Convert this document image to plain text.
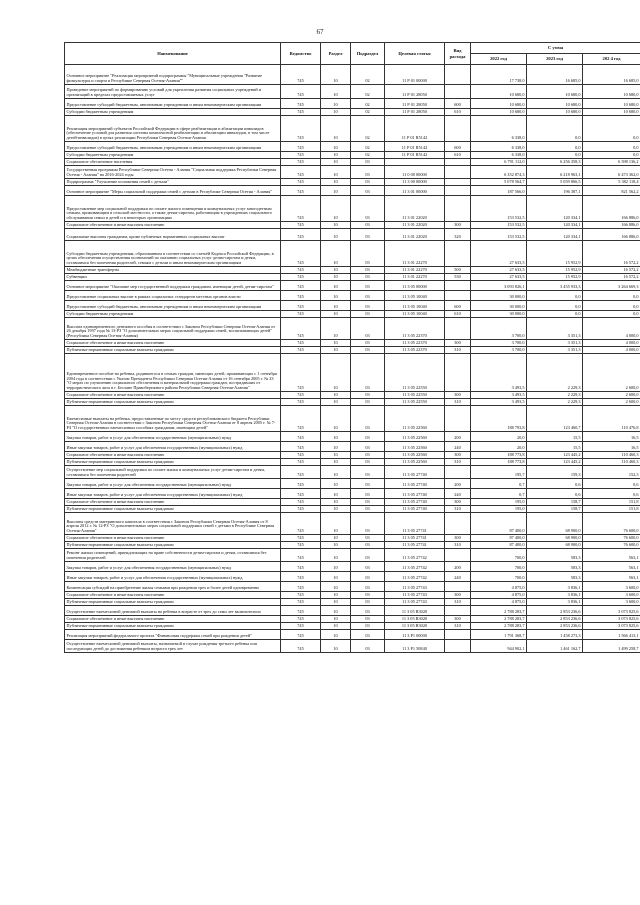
67
Наименование	Ведомство	Раздел	Подраздел	Целевая статья	Вид расхода	С умма		
						2022 год	2023 год	202 4 год
Основное мероприятие "Реализация мероприятий подпрограммы "Муниципальные учреждения "Развитие физкультуры и спорта в Республике Северная Осетия-Алания""	745	10	02	11 Р 01 00000		17 738,0	16 685,0	16 685,0
Проведение мероприятий по формированию условий для укрепления развития социальных учреждений и организаций в пределах предоставляемых услуг	745	10	02	11 Р 01 28050		10 680,0	10 680,0	10 680,0
Предоставление субсидий бюджетным, автономным учреждениям и иным некоммерческим организациям	745	10	02	11 Р 01 28050	600	10 680,0	10 680,0	10 680,0
Субсидии бюджетным учреждениям	745	10	02	11 Р 01 28050	610	10 680,0	10 680,0	10 680,0
Реализация мероприятий субъектов Российской Федерации в сфере реабилитации и абилитации инвалидов (обеспечение условий для развития системы комплексной реабилитации и абилитации инвалидов, в том числе детей-инвалидов) в целях реализации Республики Северная Осетия-Алания	745	10	02	11 Р 01 R5142		6 338,0	0,0	0,0
Предоставление субсидий бюджетным, автономным учреждениям и иным некоммерческим организациям	745	10	02	11 Р 01 R5142	600	6 338,0	0,0	0,0
Субсидии бюджетным учреждениям	745	10	02	11 Р 01 R5142	610	6 338,0	0,0	0,0
Социальное обеспечение населения	745	10	03			6 791 112,0	6 256 358,3	6 398 136,2
Государственная программа Республики Северная Осетия - Алания "Социальная поддержка Республики Северная Осетия - Алания" на 2016-2024 годы	745	10	03	11 0 00 00000		6 352 874,3	6 218 963,1	6 473 362,0
Подпрограмма "Улучшение положения семей с детьми"	745	10	03	11 3 00 00000		5 078 564,7	5 059 866,5	5 382 118,4
Основное мероприятие "Меры социальной поддержки семей с детьми в Республике Северная Осетия - Алания"	745	10	03	11 3 01 00000		187 566,0	196 387,1	821 562,2
Предоставление мер социальной поддержки по оплате жилого помещения и коммунальных услуг многодетным семьям, проживающим в сельской местности, а также детям-сиротам, работающим в учреждениях социального обслуживания семьи и детей и в некоторых организациях	745	10	03	11 3 01 22020		153 532,5	120 334,1	166 886,0
Социальное обеспечение и иные выплаты населению	745	10	03	11 3 01 22020	300	153 532,5	120 334,1	166 886,0
Социальные выплаты гражданам, кроме публичных нормативных социальных выплат	745	10	03	11 3 01 22020	320	153 532,5	120 334,1	166 886,0
Субсидии бюджетным учреждениям, образованным в соответствии со статьёй Кодекса Российской Федерации, в целях обеспечения осуществления полномочий по оказанию социальных услуг детям-сиротам и детям, оставшимся без попечения родителей, семьям с детьми и иным некоммерческим организациям	745	10	03	11 3 01 22270		27 633,5	15 952,9	16 572,2
Межбюджетные трансферты	745	10	03	11 3 01 22270	500	27 633,5	15 952,9	16 572,2
Субвенции	745	10	03	11 3 01 22270	530	27 633,5	15 952,9	16 572,2
Основное мероприятие "Оказание мер государственной поддержки гражданам, имеющим детей, детям-сиротам"	745	10	03	11 3 05 00000		3 093 826,1	3 455 933,3	3 264 669,3
Предоставление социальных выплат в рамках социальных стандартов местных органов власти	745	10	03	11 3 05 10040		30 000,0	0,0	0,0
Предоставление субсидий бюджетным, автономным учреждениям и иным некоммерческим организациям	745	10	03	11 3 05 10040	600	30 000,0	0,0	0,0
Субсидии бюджетным учреждениям	745	10	03	11 3 05 10040	610	30 000,0	0,0	0,0
Выплата единовременного денежного пособия в соответствии с Законом Республики Северная Осетия-Алания от 26 декабря 1997 года № 13-РЗ "О дополнительных мерах социальной поддержки семей, воспитывающих детей" (Республика Северная Осетия-Алания)	745	10	03	11 3 05 22370		3 700,0	3 351,3	4 000,0
Социальное обеспечение и иные выплаты населению	745	10	03	11 3 05 22370	300	3 700,0	3 351,3	4 000,0
Публичные нормативные социальные выплаты гражданам	745	10	03	11 3 05 22370	310	3 700,0	3 351,3	4 000,0
Единовременное пособие на ребенка, родившегося в семьях граждан, имеющих детей, проживающих с 1 сентября 2004 года в соответствии с Указом Президента Республики Северная Осетия-Алания от 16 сентября 2005 г. № 23 "О мерах по улучшению социального обеспечения и материальной поддержки граждан, пострадавших от террористического акта в г. Беслане Правобережного района Республики Северная Осетия-Алания"	745	10	03	11 3 05 22550		3 493,5	2 229,3	2 600,0
Социальное обеспечение и иные выплаты населению	745	10	03	11 3 05 22550	300	3 493,5	2 229,3	2 600,0
Публичные нормативные социальные выплаты гражданам	745	10	03	11 3 05 22550	310	3 493,5	2 229,3	2 600,0
Ежемесячные выплаты на ребенка, предоставленные по месту средств республиканского бюджета Республики Северная Осетия-Алания в соответствии с Законом Республики Северная Осетия-Алания от 8 апреля 2005 г. № 7-РЗ "О государственных ежемесячных пособиях гражданам, имеющим детей"	745	10	03	11 3 05 22560		188 793,8	123 460,7	110 476,8
Закупка товаров, работ и услуг для обеспечения государственных (муниципальных) нужд	745	10	03	11 3 05 22560	200	20,0	15,5	16,5
Иные закупки товаров, работ и услуг для обеспечения государственных (муниципальных) нужд	745	10	03	11 3 05 22560	240	20,0	15,5	16,5
Социальное обеспечение и иные выплаты населению	745	10	03	11 3 05 22560	300	188 773,8	123 445,2	110 460,3
Публичные нормативные социальные выплаты гражданам	745	10	03	11 3 05 22560	310	188 773,8	123 445,2	110 460,3
Осуществление мер социальной поддержки по оплате жилья и коммунальных услуг детям-сиротам и детям, оставшимся без попечения родителей	745	10	03	11 3 05 27740		195,7	159,3	152,3
Закупка товаров, работ и услуг для обеспечения государственных (муниципальных) нужд	745	10	03	11 3 05 27740	200	0,7	0,6	0,6
Иные закупки товаров, работ и услуг для обеспечения государственных (муниципальных) нужд	745	10	03	11 3 05 27740	240	0,7	0,6	0,6
Социальное обеспечение и иные выплаты населению	745	10	03	11 3 05 27740	300	195,0	158,7	151,8
Публичные нормативные социальные выплаты гражданам	745	10	03	11 3 05 27740	310	195,0	158,7	151,8
Выплаты средств материнского капитала в соответствии с Законом Республики Северная Осетия-Алания от 8 апреля 2012 г. № 12-РЗ "О дополнительных мерах социальной поддержки семей с детьми в Республике Северная Осетия-Алания"	745	10	03	11 3 05 27741		87 400,0	68 900,0	76 600,0
Социальное обеспечение и иные выплаты населению	745	10	03	11 3 05 27741	300	87 400,0	68 900,0	76 600,0
Публичные нормативные социальные выплаты гражданам	745	10	03	11 3 05 27741	310	87 400,0	68 900,0	76 600,0
Ремонт жилых помещений, принадлежащих на праве собственности детям-сиротам и детям, оставшимся без попечения родителей	745	10	03	11 3 05 27742		700,0	583,3	563,1
Закупка товаров, работ и услуг для обеспечения государственных (муниципальных) нужд	745	10	03	11 3 05 27742	200	700,0	583,3	563,1
Иные закупки товаров, работ и услуг для обеспечения государственных (муниципальных) нужд	745	10	03	11 3 05 27742	240	700,0	583,3	563,1
Компенсация субсидий на приобретение жилья семьями при рождении трех и более детей одновременно	745	10	03	11 3 05 27743		4 875,0	3 836,1	3 600,0
Социальное обеспечение и иные выплаты населению	745	10	03	11 3 05 27743	300	4 875,0	3 836,1	3 600,0
Публичные нормативные социальные выплаты гражданам	745	10	03	11 3 05 27743	310	4 875,0	3 836,1	3 600,0
Осуществление ежемесячной денежной выплаты на ребенка в возрасте от трех до семи лет включительно	745	10	03	11 3 05 R3020		2 788 283,7	2 853 236,6	3 073 825,6
Социальное обеспечение и иные выплаты населению	745	10	03	11 3 05 R3020	300	2 788 283,7	2 853 236,6	3 073 825,6
Публичные нормативные социальные выплаты гражданам	745	10	03	11 3 05 R3020	310	2 788 283,7	2 853 236,6	3 073 825,6
Реализация мероприятий федерального проекта "Финансовая поддержка семей при рождении детей"	745	10	03	11 3 Р1 00000		1 791 368,7	1 458 273,3	1 566 413,1
Осуществление ежемесячной денежной выплаты, назначаемой в случае рождения третьего ребенка или последующих детей до достижения ребенком возраста трех лет	745	10	03	11 3 Р1 50840		944 902,1	1 461 162,7	1 499 258,7
